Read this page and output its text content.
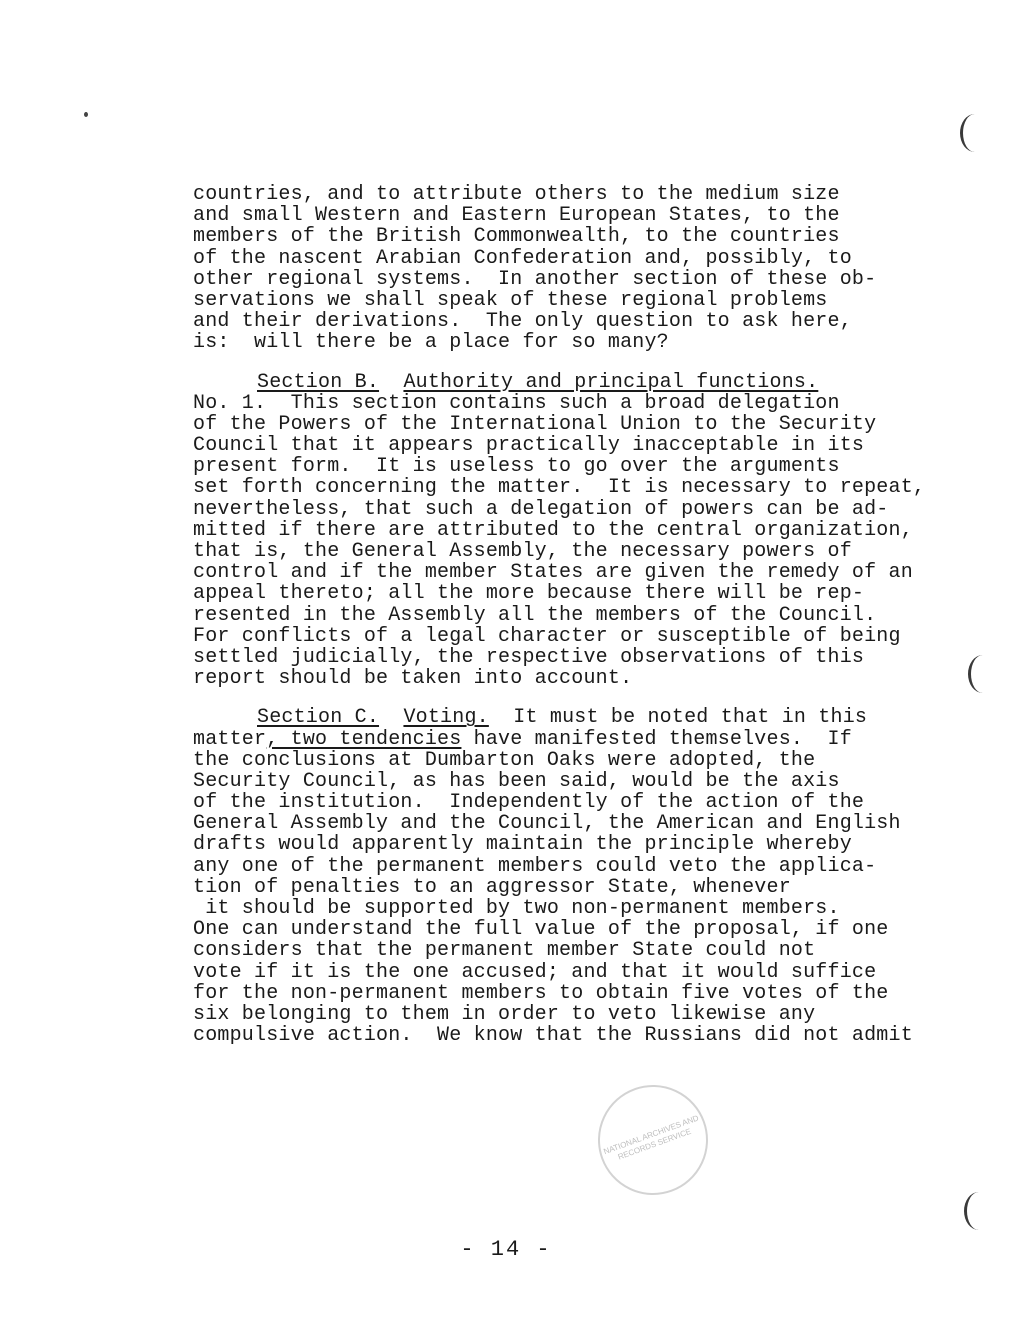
NATIONAL ARCHIVES AND RECORDS SERVICE
countries, and to attribute others to the medium size
and small Western and Eastern European States, to the
members of the British Commonwealth, to the countries
of the nascent Arabian Confederation and, possibly, to
other regional systems.  In another section of these ob-
servations we shall speak of these regional problems
and their derivations.  The only question to ask here,
is:  will there be a place for so many?
Section B. Authority and principal functions.
No. 1.  This section contains such a broad delegation
of the Powers of the International Union to the Security
Council that it appears practically inacceptable in its
present form.  It is useless to go over the arguments
set forth concerning the matter.  It is necessary to repeat,
nevertheless, that such a delegation of powers can be ad-
mitted if there are attributed to the central organization,
that is, the General Assembly, the necessary powers of
control and if the member States are given the remedy of an
appeal thereto; all the more because there will be rep-
resented in the Assembly all the members of the Council.
For conflicts of a legal character or susceptible of being
settled judicially, the respective observations of this
report should be taken into account.
Section C. Voting.  It must be noted that in this
matter, two tendencies have manifested themselves.  If
the conclusions at Dumbarton Oaks were adopted, the
Security Council, as has been said, would be the axis
of the institution.  Independently of the action of the
General Assembly and the Council, the American and English
drafts would apparently maintain the principle whereby
any one of the permanent members could veto the applica-
tion of penalties to an aggressor State, whenever
it should be supported by two non-permanent members.
One can understand the full value of the proposal, if one
considers that the permanent member State could not
vote if it is the one accused; and that it would suffice
for the non-permanent members to obtain five votes of the
six belonging to them in order to veto likewise any
compulsive action.  We know that the Russians did not admit
- 14 -
